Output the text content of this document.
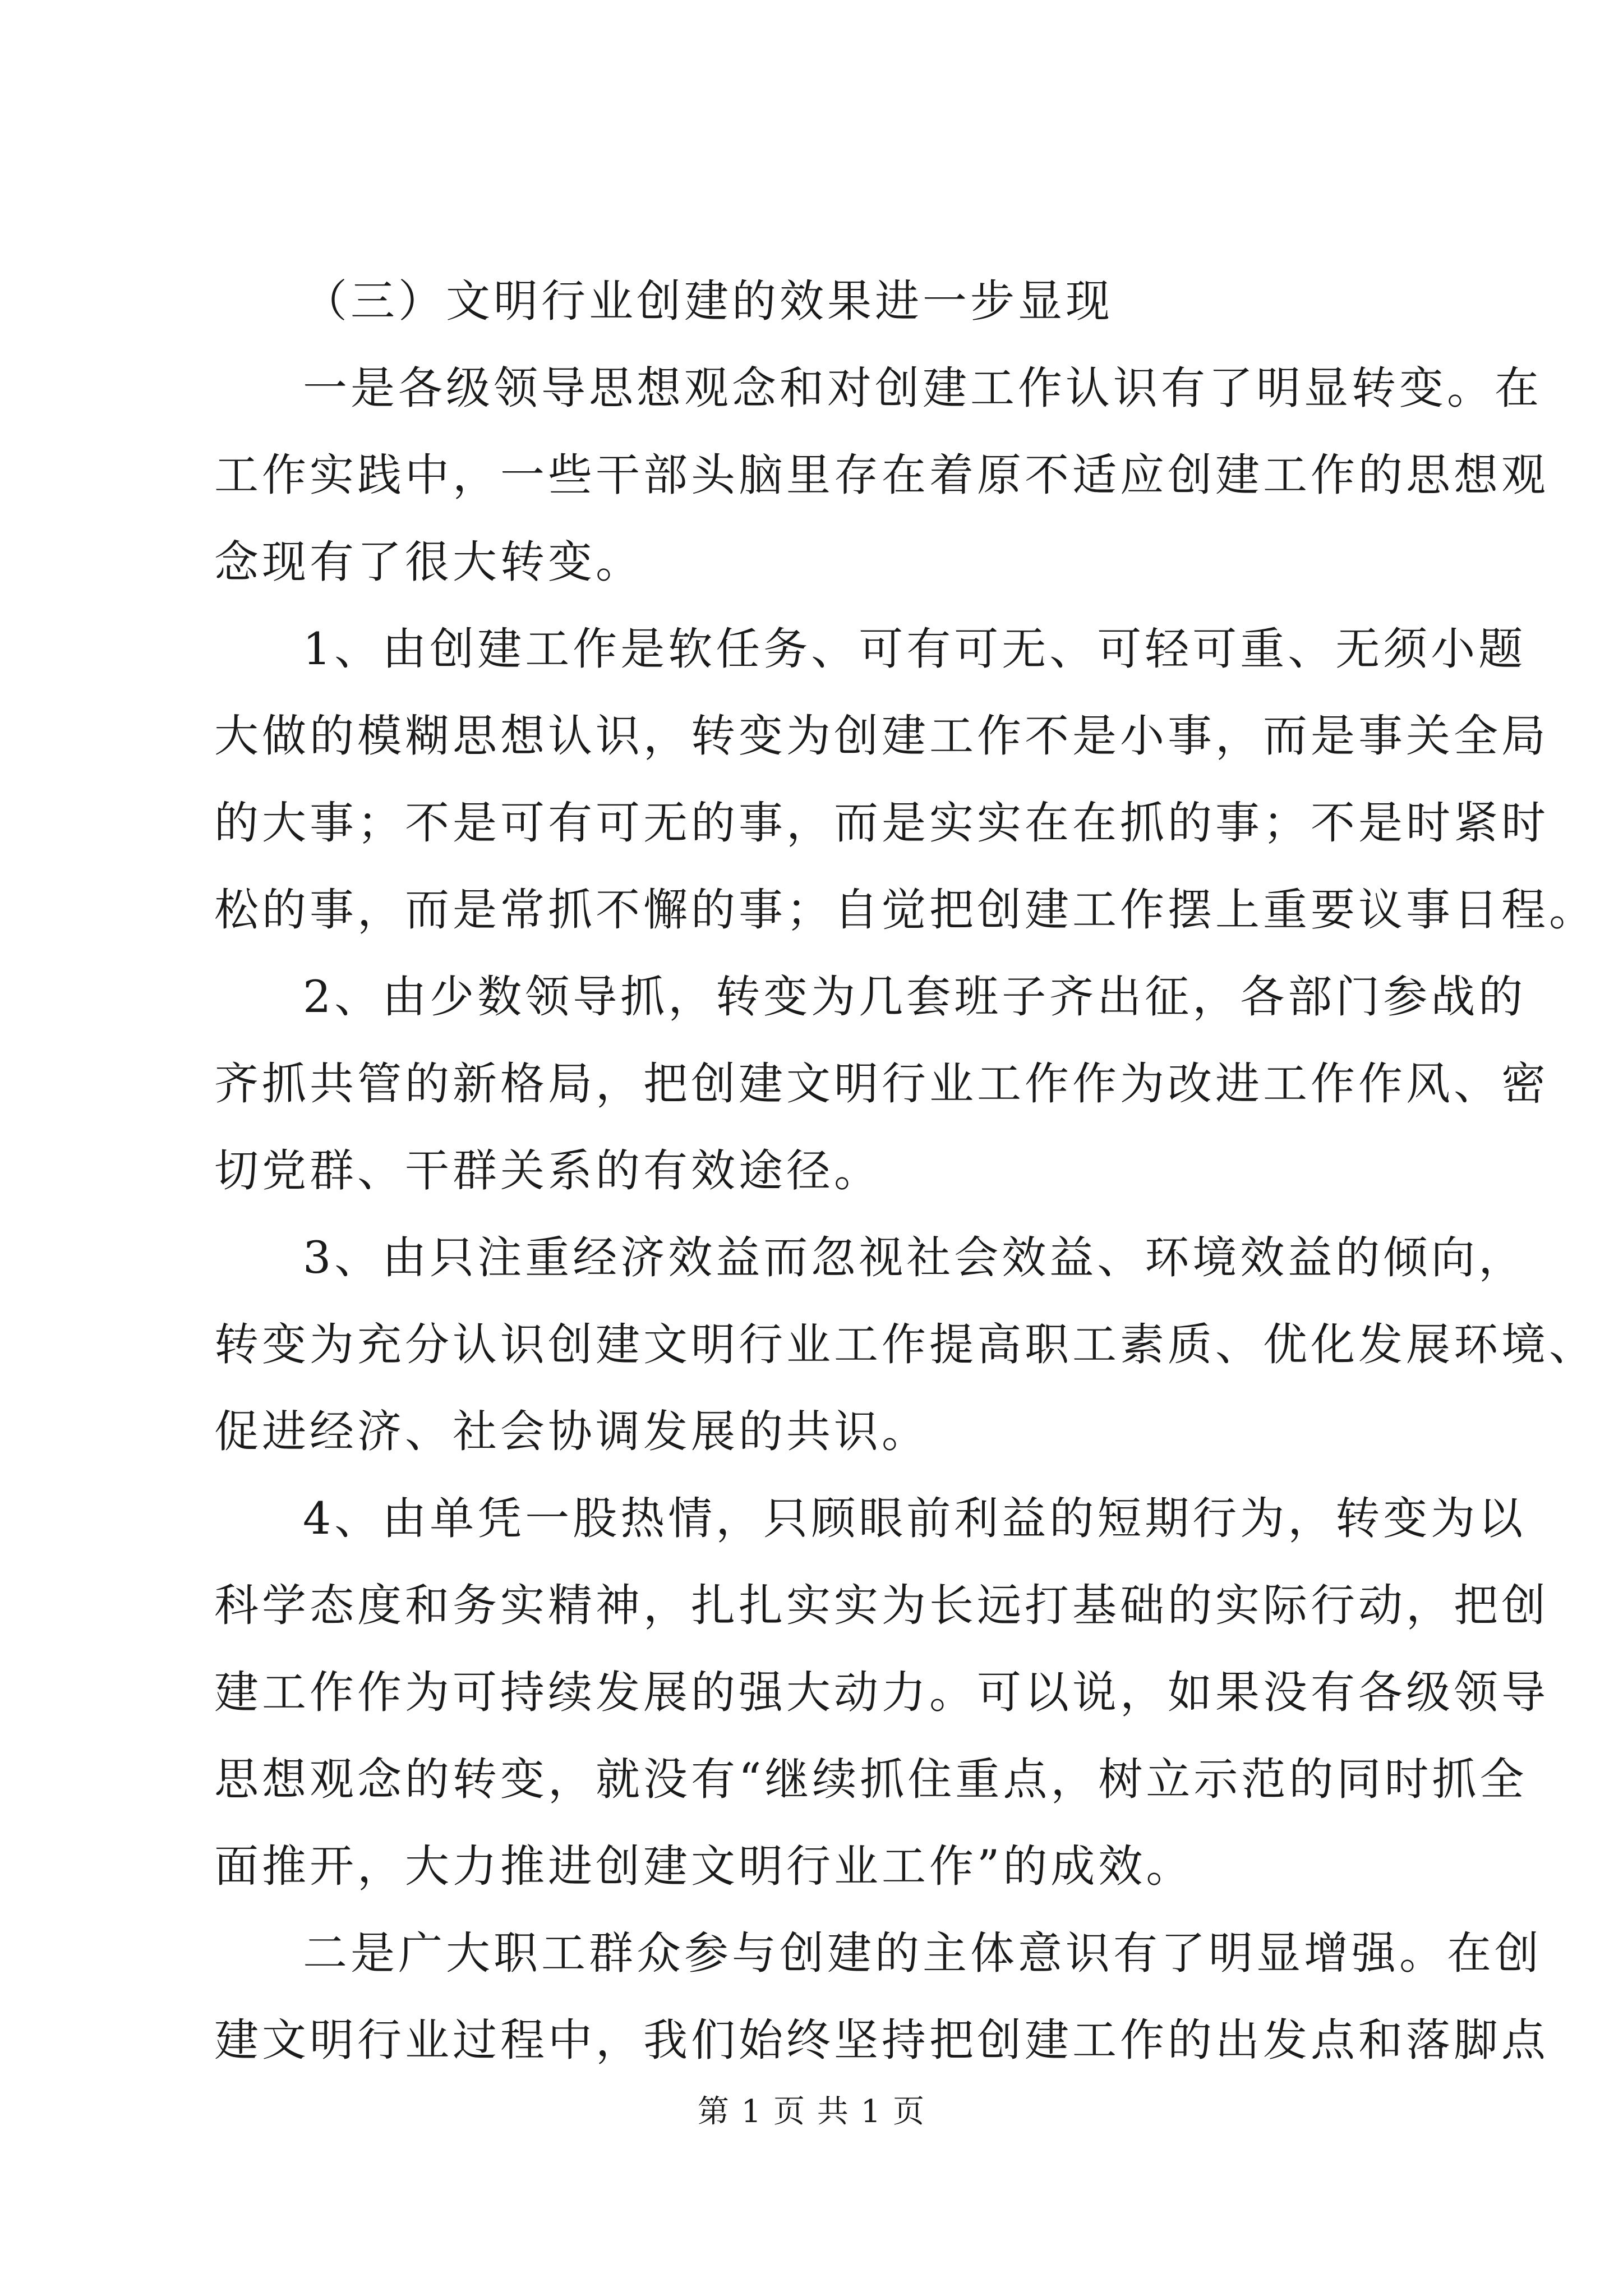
（三）文明行业创建的效果进一步显现
一是各级领导思想观念和对创建工作认识有了明显转变。在
工作实践中，一些干部头脑里存在着原不适应创建工作的思想观
念现有了很大转变。
1、由创建工作是软任务、可有可无、可轻可重、无须小题
大做的模糊思想认识，转变为创建工作不是小事，而是事关全局
的大事；不是可有可无的事，而是实实在在抓的事；不是时紧时
松的事，而是常抓不懈的事；自觉把创建工作摆上重要议事日程。
2、由少数领导抓，转变为几套班子齐出征，各部门参战的
齐抓共管的新格局，把创建文明行业工作作为改进工作作风、密
切党群、干群关系的有效途径。
3、由只注重经济效益而忽视社会效益、环境效益的倾向，
转变为充分认识创建文明行业工作提高职工素质、优化发展环境、
促进经济、社会协调发展的共识。
4、由单凭一股热情，只顾眼前利益的短期行为，转变为以
科学态度和务实精神，扎扎实实为长远打基础的实际行动，把创
建工作作为可持续发展的强大动力。可以说，如果没有各级领导
思想观念的转变，就没有“继续抓住重点，树立示范的同时抓全
面推开，大力推进创建文明行业工作”的成效。
二是广大职工群众参与创建的主体意识有了明显增强。在创
建文明行业过程中，我们始终坚持把创建工作的出发点和落脚点
第 1 页 共 1 页
